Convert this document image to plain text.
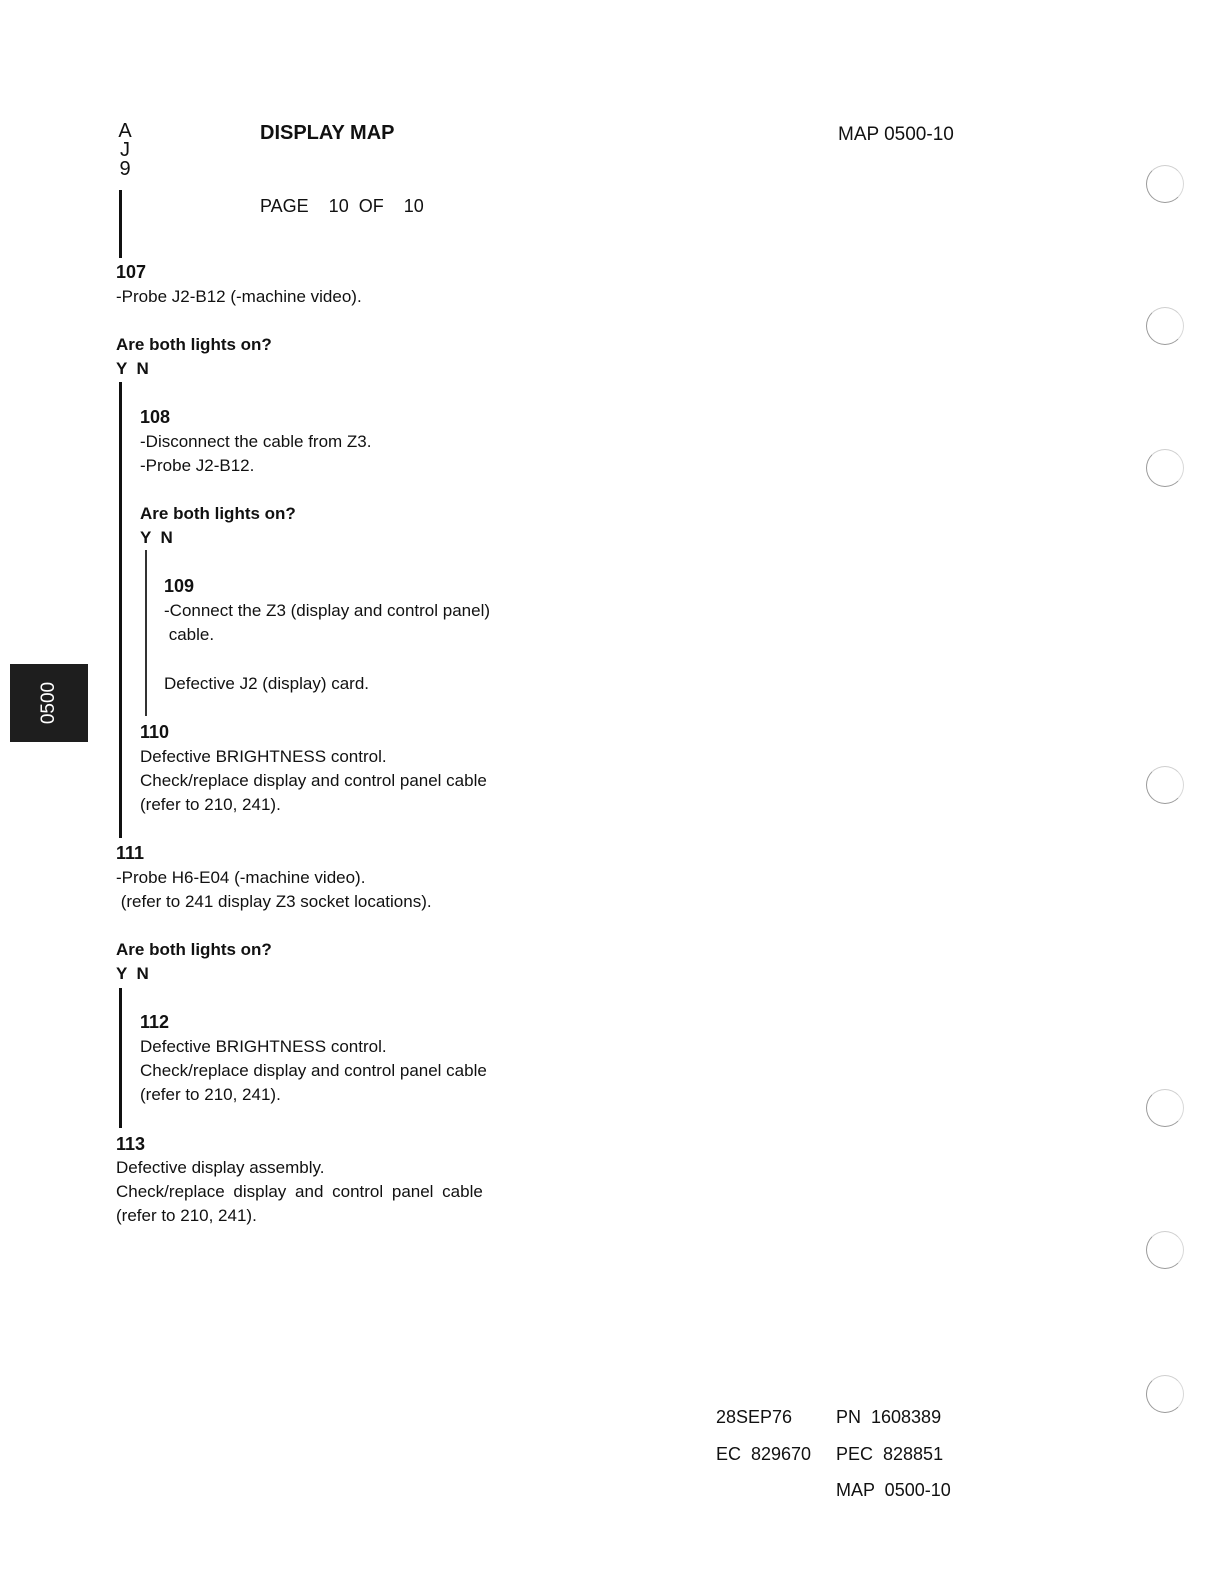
A
J
9
DISPLAY MAP	MAP 0500-10
PAGE    10  OF    10
107
-Probe J2-B12 (-machine video).
Are both lights on?
Y  N
108
-Disconnect the cable from Z3.
-Probe J2-B12.
Are both lights on?
Y  N
109
-Connect the Z3 (display and control panel)
cable.
Defective J2 (display) card.
110
Defective BRIGHTNESS control.
Check/replace display and control panel cable
(refer to 210, 241).
111
-Probe H6-E04 (-machine video).
(refer to 241 display Z3 socket locations).
Are both lights on?
Y  N
112
Defective BRIGHTNESS control.
Check/replace display and control panel cable
(refer to 210, 241).
113
Defective display assembly.
Check/replace display and control panel cable
(refer to 210, 241).
0500
28SEP76 PN  1608389
EC  829670 PEC  828851
MAP  0500-10
